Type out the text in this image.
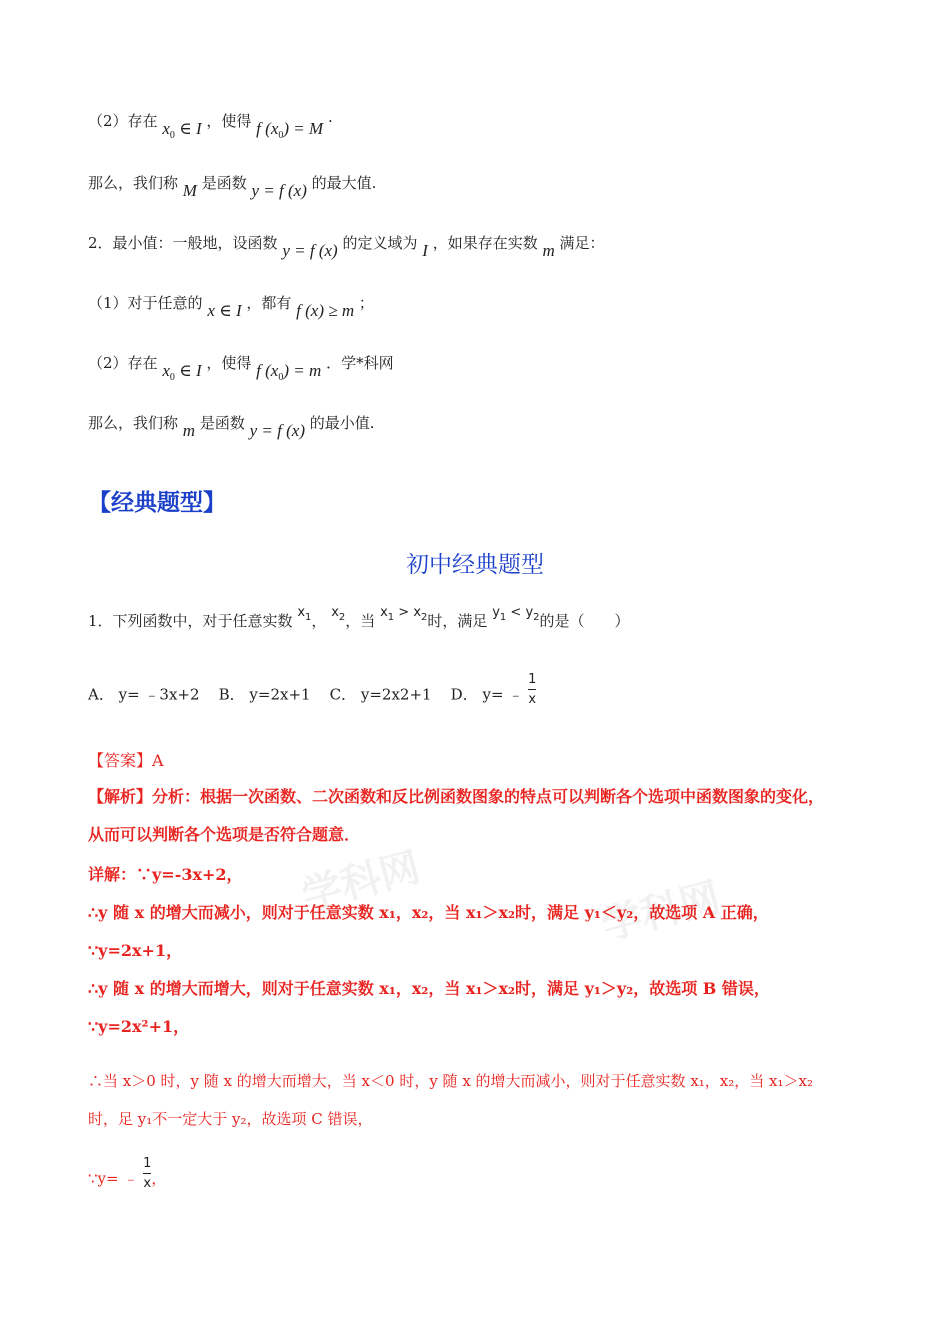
学科网	学科网
（2）存在 $x_0$ ∈ I ，使得 f $(x_0) = M$ ·
那么，我们称 M 是函数 y = f (x) 的最大值.
2．最小值：一般地，设函数 y = f (x) 的定义域为 I ，如果存在实数 m 满足：
（1）对于任意的 x ∈ I ，都有 f (x) ≥ m ；
（2）存在 $x_0$ ∈ I ，使得 f $(x_0) = m$ ．学*科网
那么，我们称 m 是函数 y = f (x) 的最小值.
【经典题型】
初中经典题型
1．下列函数中，对于任意实数 $x_1$， $x_2$，当 $x_1 > x_2$时，满足 $y_1 < y_2$的是（　　）
A． y= ﹣3x+2 B． y=2x+1 C． y=2x2+1 D． y= ﹣ $\frac{1}{x}$
【答案】A
【解析】分析：根据一次函数、二次函数和反比例函数图象的特点可以判断各个选项中函数图象的变化，
从而可以判断各个选项是否符合题意．
详解：∵y=-3x+2，
∴y 随 x 的增大而减小，则对于任意实数 x₁，x₂，当 x₁＞x₂时，满足 y₁＜y₂，故选项 A 正确，
∵y=2x+1，
∴y 随 x 的增大而增大，则对于任意实数 x₁，x₂，当 x₁＞x₂时，满足 y₁＞y₂，故选项 B 错误，
∵y=2x²+1，
∴当 x＞0 时，y 随 x 的增大而增大，当 x＜0 时，y 随 x 的增大而减小，则对于任意实数 x₁，x₂，当 x₁＞x₂
时，足 y₁不一定大于 y₂，故选项 C 错误，
∵y= ﹣ $\frac{1}{x}$，
